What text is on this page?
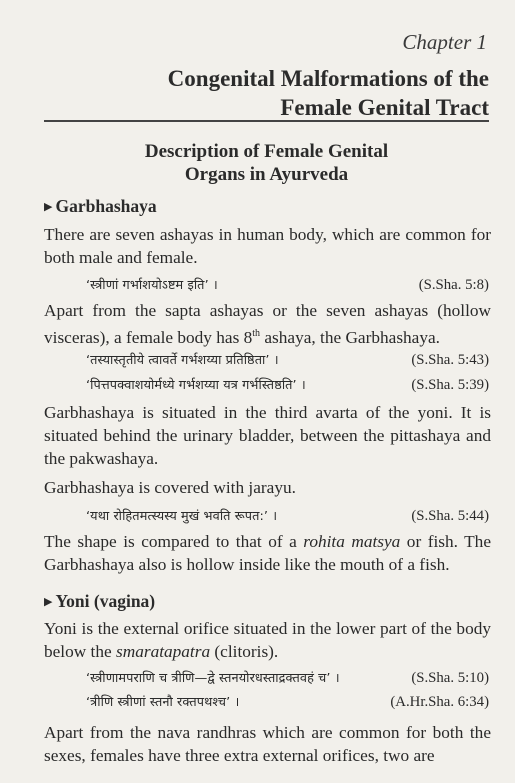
Chapter 1
Congenital Malformations of the
Female Genital Tract
Description of Female Genital
Organs in Ayurveda
▶ Garbhashaya
There are seven ashayas in human body, which are common for both male and female.
‘स्त्रीणां गर्भाशयोऽष्टम इति’ ।	(S.Sha. 5:8)
Apart from the sapta ashayas or the seven ashayas (hollow visceras), a female body has 8th ashaya, the Garbhashaya.
‘तस्यास्तृतीये त्वावर्ते गर्भशय्या प्रतिष्ठिता’ ।	(S.Sha. 5:43)
‘पित्तपक्वाशयोर्मध्ये गर्भशय्या यत्र गर्भस्तिष्ठति’ ।	(S.Sha. 5:39)
Garbhashaya is situated in the third avarta of the yoni. It is situated behind the urinary bladder, between the pittashaya and the pakwashaya.
Garbhashaya is covered with jarayu.
‘यथा रोहितमत्स्यस्य मुखं भवति रूपत:’ ।	(S.Sha. 5:44)
The shape is compared to that of a rohita matsya or fish. The Garbhashaya also is hollow inside like the mouth of a fish.
▶ Yoni (vagina)
Yoni is the external orifice situated in the lower part of the body below the smaratapatra (clitoris).
‘स्त्रीणामपराणि च त्रीणि—द्वे स्तनयोरधस्ताद्रक्तवहं च’ ।	(S.Sha. 5:10)
‘त्रीणि स्त्रीणां स्तनौ रक्तपथश्च’ ।	(A.Hr.Sha. 6:34)
Apart from the nava randhras which are common for both the sexes, females have three extra external orifices, two are
